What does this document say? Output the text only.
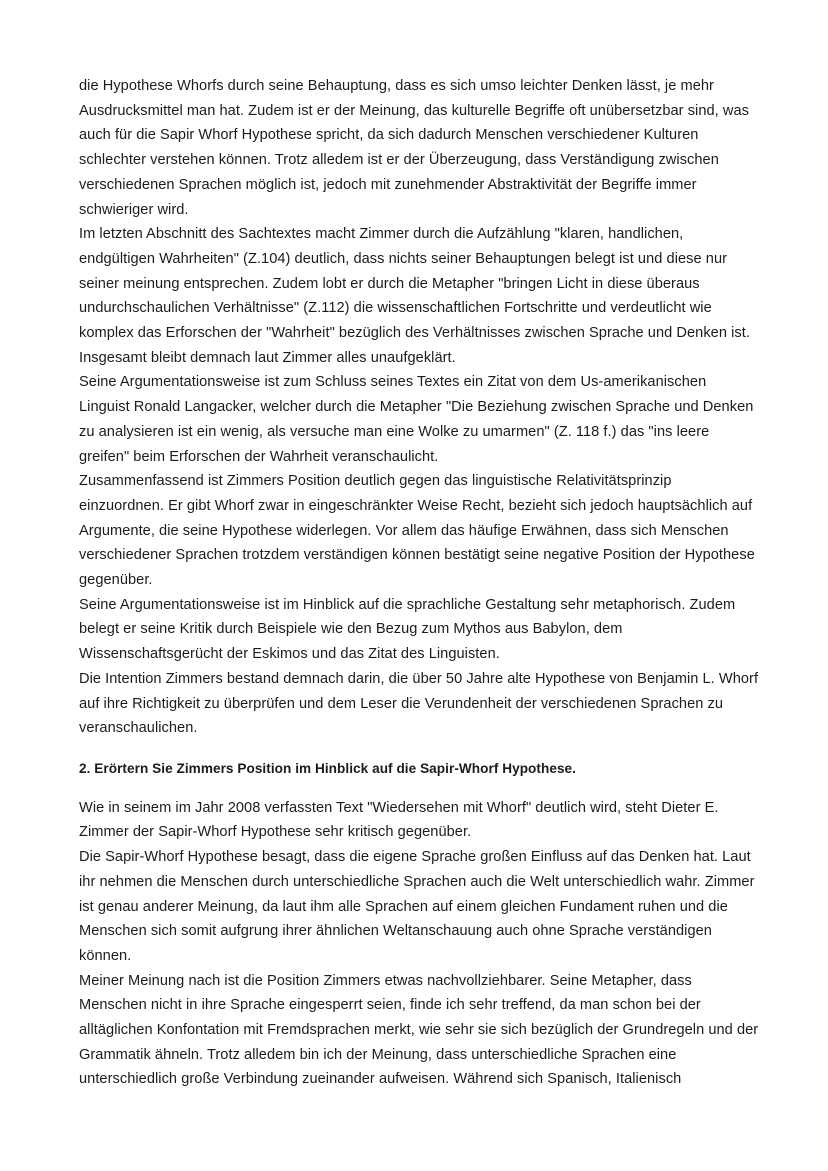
die Hypothese Whorfs durch seine Behauptung, dass es sich umso leichter Denken lässt, je mehr Ausdrucksmittel man hat. Zudem ist er der Meinung, das kulturelle Begriffe oft unübersetzbar sind, was auch für die Sapir Whorf Hypothese spricht, da sich dadurch Menschen verschiedener Kulturen schlechter verstehen können. Trotz alledem ist er der Überzeugung, dass Verständigung zwischen verschiedenen Sprachen möglich ist, jedoch mit zunehmender Abstraktivität der Begriffe immer schwieriger wird.

Im letzten Abschnitt des Sachtextes macht Zimmer durch die Aufzählung "klaren, handlichen, endgültigen Wahrheiten" (Z.104) deutlich, dass nichts seiner Behauptungen belegt ist und diese nur seiner meinung entsprechen. Zudem lobt er durch die Metapher "bringen Licht in diese überaus undurchschaulichen Verhältnisse" (Z.112) die wissenschaftlichen Fortschritte und verdeutlicht wie komplex das Erforschen der "Wahrheit" bezüglich des Verhältnisses zwischen Sprache und Denken ist. Insgesamt bleibt demnach laut Zimmer alles unaufgeklärt.

Seine Argumentationsweise ist zum Schluss seines Textes ein Zitat von dem Us-amerikanischen Linguist Ronald Langacker, welcher durch die Metapher "Die Beziehung zwischen Sprache und Denken zu analysieren ist ein wenig, als versuche man eine Wolke zu umarmen" (Z. 118 f.) das "ins leere greifen" beim Erforschen der Wahrheit veranschaulicht.

Zusammenfassend ist Zimmers Position deutlich gegen das linguistische Relativitätsprinzip einzuordnen. Er gibt Whorf zwar in eingeschränkter Weise Recht, bezieht sich jedoch hauptsächlich auf Argumente, die seine Hypothese widerlegen. Vor allem das häufige Erwähnen, dass sich Menschen verschiedener Sprachen trotzdem verständigen können bestätigt seine negative Position der Hypothese gegenüber.

Seine Argumentationsweise ist im Hinblick auf die sprachliche Gestaltung sehr metaphorisch. Zudem belegt er seine Kritik durch Beispiele wie den Bezug zum Mythos aus Babylon, dem Wissenschaftsgerücht der Eskimos und das Zitat des Linguisten.

Die Intention Zimmers bestand demnach darin, die über 50 Jahre alte Hypothese von Benjamin L. Whorf auf ihre Richtigkeit zu überprüfen und dem Leser die Verundenheit der verschiedenen Sprachen zu veranschaulichen.

2. Erörtern Sie Zimmers Position im Hinblick auf die Sapir-Whorf Hypothese.

Wie in seinem im Jahr 2008 verfassten Text "Wiedersehen mit Whorf" deutlich wird, steht Dieter E. Zimmer der Sapir-Whorf Hypothese sehr kritisch gegenüber.

Die Sapir-Whorf Hypothese besagt, dass die eigene Sprache großen Einfluss auf das Denken hat. Laut ihr nehmen die Menschen durch unterschiedliche Sprachen auch die Welt unterschiedlich wahr. Zimmer ist genau anderer Meinung, da laut ihm alle Sprachen auf einem gleichen Fundament ruhen und die Menschen sich somit aufgrung ihrer ähnlichen Weltanschauung auch ohne Sprache verständigen können.

Meiner Meinung nach ist die Position Zimmers etwas nachvollziehbarer. Seine Metapher, dass Menschen nicht in ihre Sprache eingesperrt seien, finde ich sehr treffend, da man schon bei der alltäglichen Konfontation mit Fremdsprachen merkt, wie sehr sie sich bezüglich der Grundregeln und der Grammatik ähneln. Trotz alledem bin ich der Meinung, dass unterschiedliche Sprachen eine unterschiedlich große Verbindung zueinander aufweisen. Während sich Spanisch, Italienisch
